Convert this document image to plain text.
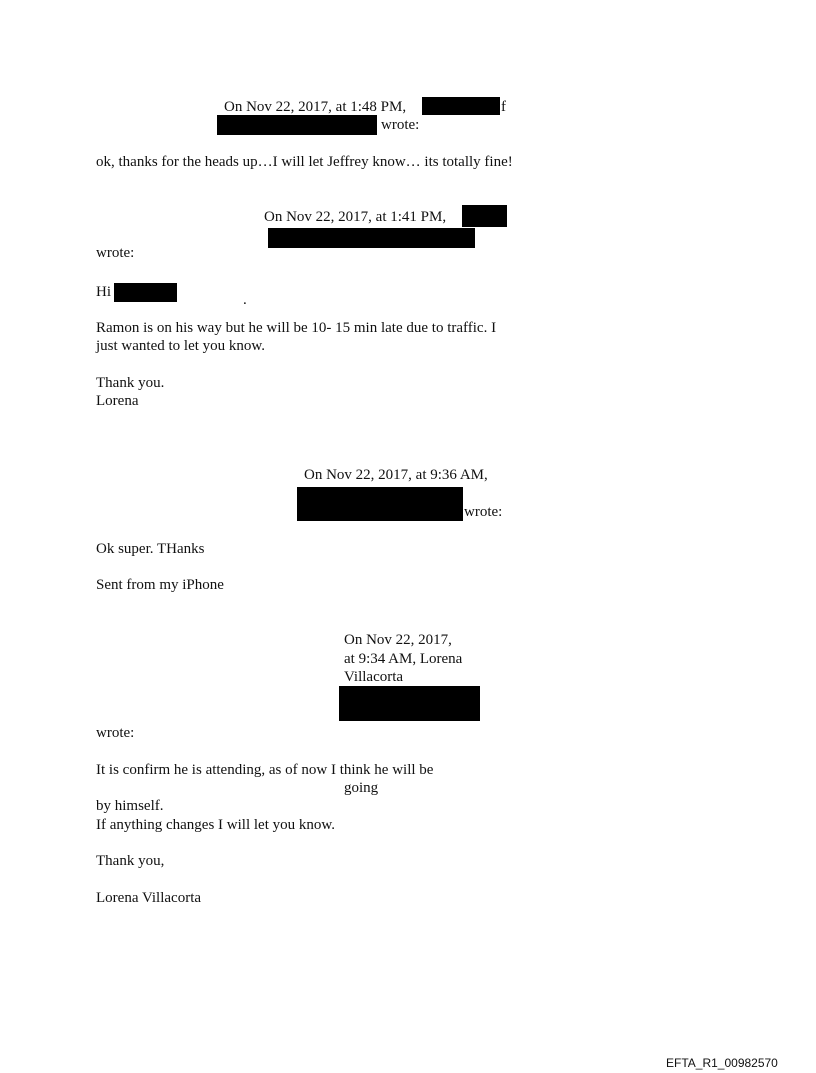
On Nov 22, 2017, at 1:48 PM,	f
wrote:
ok, thanks for the heads up…I will let Jeffrey know… its totally fine!
On Nov 22, 2017, at 1:41 PM,
wrote:
Hi	.
Ramon is on his way but he will be 10- 15 min late due to traffic. I
just wanted to let you know.
Thank you.
Lorena
On Nov 22, 2017, at 9:36 AM,
wrote:
Ok super. THanks
Sent from my iPhone
On Nov 22, 2017,
at 9:34 AM, Lorena
Villacorta
wrote:
It is confirm he is attending, as of now I think he will be
going
by himself.
If anything changes I will let you know.
Thank you,
Lorena Villacorta
EFTA_R1_00982570
